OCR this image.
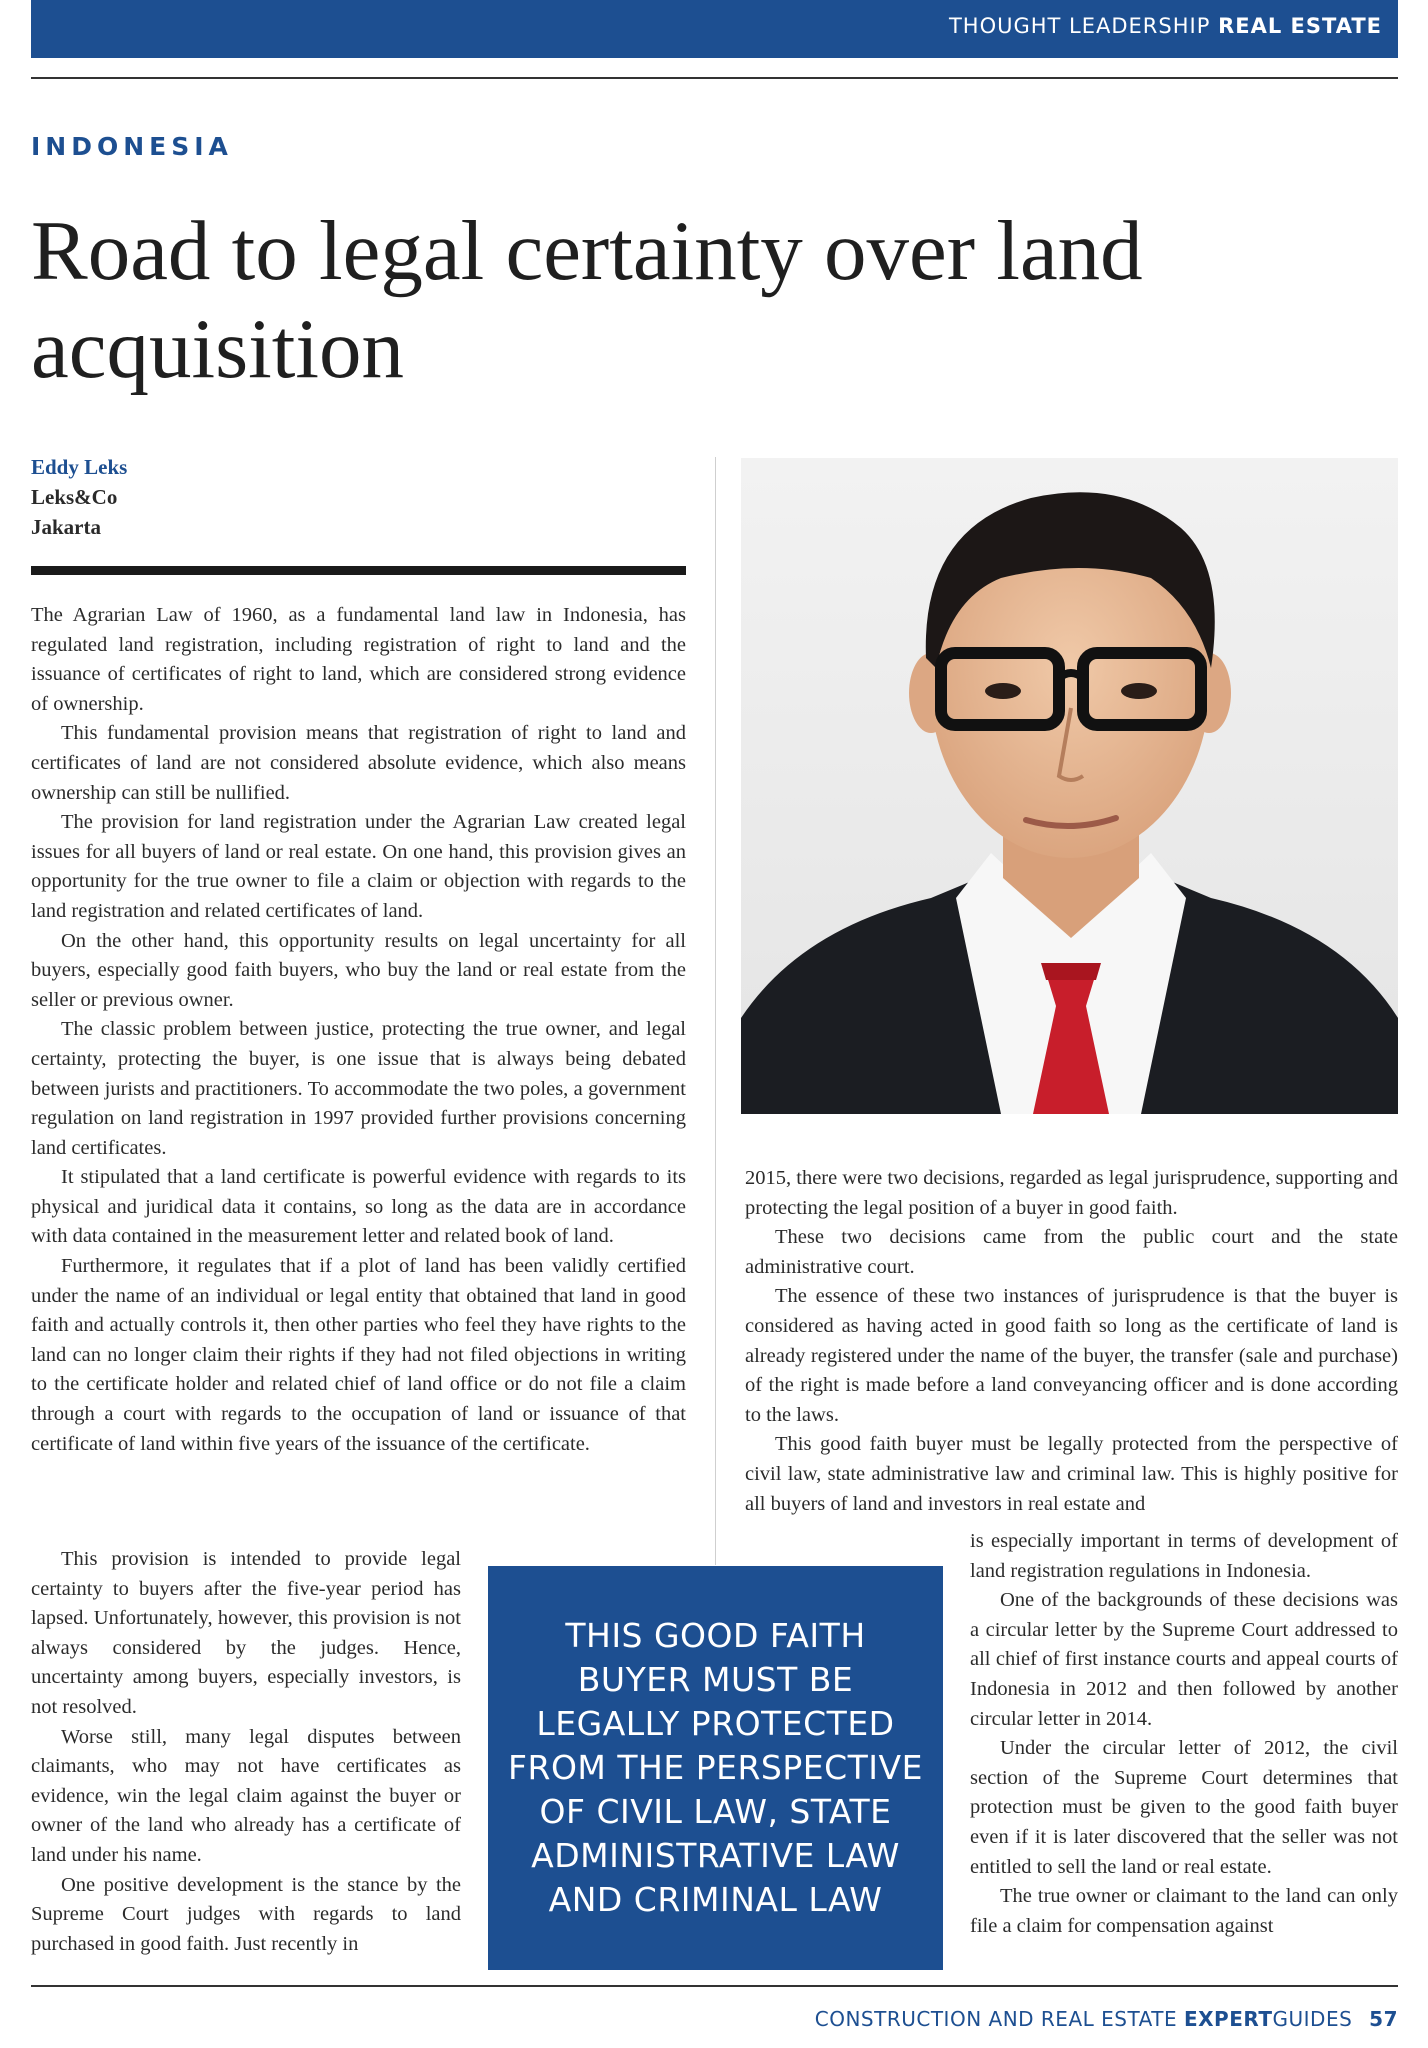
THOUGHT LEADERSHIP REAL ESTATE
INDONESIA
Road to legal certainty over land acquisition
Eddy Leks
Leks&Co
Jakarta

The Agrarian Law of 1960, as a fundamental land law in Indonesia, has regulated land registration, including registration of right to land and the issuance of certificates of right to land, which are considered strong evidence of ownership.

This fundamental provision means that registration of right to land and certificates of land are not considered absolute evidence, which also means ownership can still be nullified.

The provision for land registration under the Agrarian Law created legal issues for all buyers of land or real estate. On one hand, this provision gives an opportunity for the true owner to file a claim or objection with regards to the land registration and related certificates of land.

On the other hand, this opportunity results on legal uncertainty for all buyers, especially good faith buyers, who buy the land or real estate from the seller or previous owner.

The classic problem between justice, protecting the true owner, and legal certainty, protecting the buyer, is one issue that is always being debated between jurists and practitioners. To accommodate the two poles, a government regulation on land registration in 1997 provided further provisions concerning land certificates.

It stipulated that a land certificate is powerful evidence with regards to its physical and juridical data it contains, so long as the data are in accordance with data contained in the measurement letter and related book of land.

Furthermore, it regulates that if a plot of land has been validly certified under the name of an individual or legal entity that obtained that land in good faith and actually controls it, then other parties who feel they have rights to the land can no longer claim their rights if they had not filed objections in writing to the certificate holder and related chief of land office or do not file a claim through a court with regards to the occupation of land or issuance of that certificate of land within five years of the issuance of the certificate.

This provision is intended to provide legal certainty to buyers after the five-year period has lapsed. Unfortunately, however, this provision is not always considered by the judges. Hence, uncertainty among buyers, especially investors, is not resolved.

Worse still, many legal disputes between claimants, who may not have certificates as evidence, win the legal claim against the buyer or owner of the land who already has a certificate of land under his name.

One positive development is the stance by the Supreme Court judges with regards to land purchased in good faith. Just recently in

2015, there were two decisions, regarded as legal jurisprudence, supporting and protecting the legal position of a buyer in good faith.

These two decisions came from the public court and the state administrative court.

The essence of these two instances of jurisprudence is that the buyer is considered as having acted in good faith so long as the certificate of land is already registered under the name of the buyer, the transfer (sale and purchase) of the right is made before a land conveyancing officer and is done according to the laws.

This good faith buyer must be legally protected from the perspective of civil law, state administrative law and criminal law. This is highly positive for all buyers of land and investors in real estate and

is especially important in terms of development of land registration regulations in Indonesia.

One of the backgrounds of these decisions was a circular letter by the Supreme Court addressed to all chief of first instance courts and appeal courts of Indonesia in 2012 and then followed by another circular letter in 2014.

Under the circular letter of 2012, the civil section of the Supreme Court determines that protection must be given to the good faith buyer even if it is later discovered that the seller was not entitled to sell the land or real estate.

The true owner or claimant to the land can only file a claim for compensation against

THIS GOOD FAITH BUYER MUST BE LEGALLY PROTECTED FROM THE PERSPECTIVE OF CIVIL LAW, STATE ADMINISTRATIVE LAW AND CRIMINAL LAW
CONSTRUCTION AND REAL ESTATE EXPERTGUIDES 57
